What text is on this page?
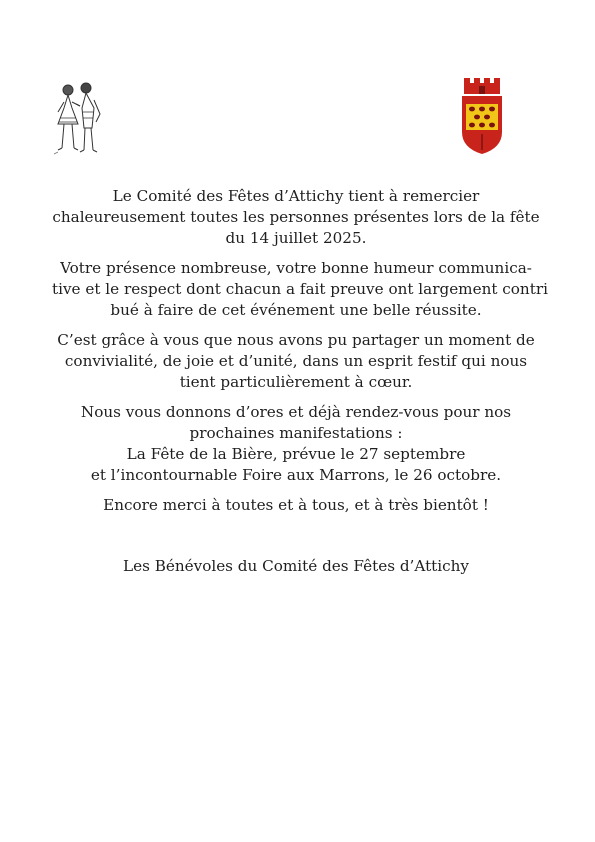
Le Comité des Fêtes d’Attichy tient à remercier
chaleureusement toutes les personnes présentes lors de la fête
du 14 juillet 2025.

Votre présence nombreuse, votre bonne humeur communica-
tive et le respect dont chacun a fait preuve ont largement contri
bué à faire de cet événement une belle réussite.

C’est grâce à vous que nous avons pu partager un moment de
convivialité, de joie et d’unité, dans un esprit festif qui nous
tient particulièrement à cœur.

Nous vous donnons d’ores et déjà rendez-vous pour nos
prochaines manifestations :
La Fête de la Bière, prévue le 27 septembre
et l’incontournable Foire aux Marrons, le 26 octobre.

Encore merci à toutes et à tous, et à très bientôt !

Les Bénévoles du Comité des Fêtes d’Attichy
